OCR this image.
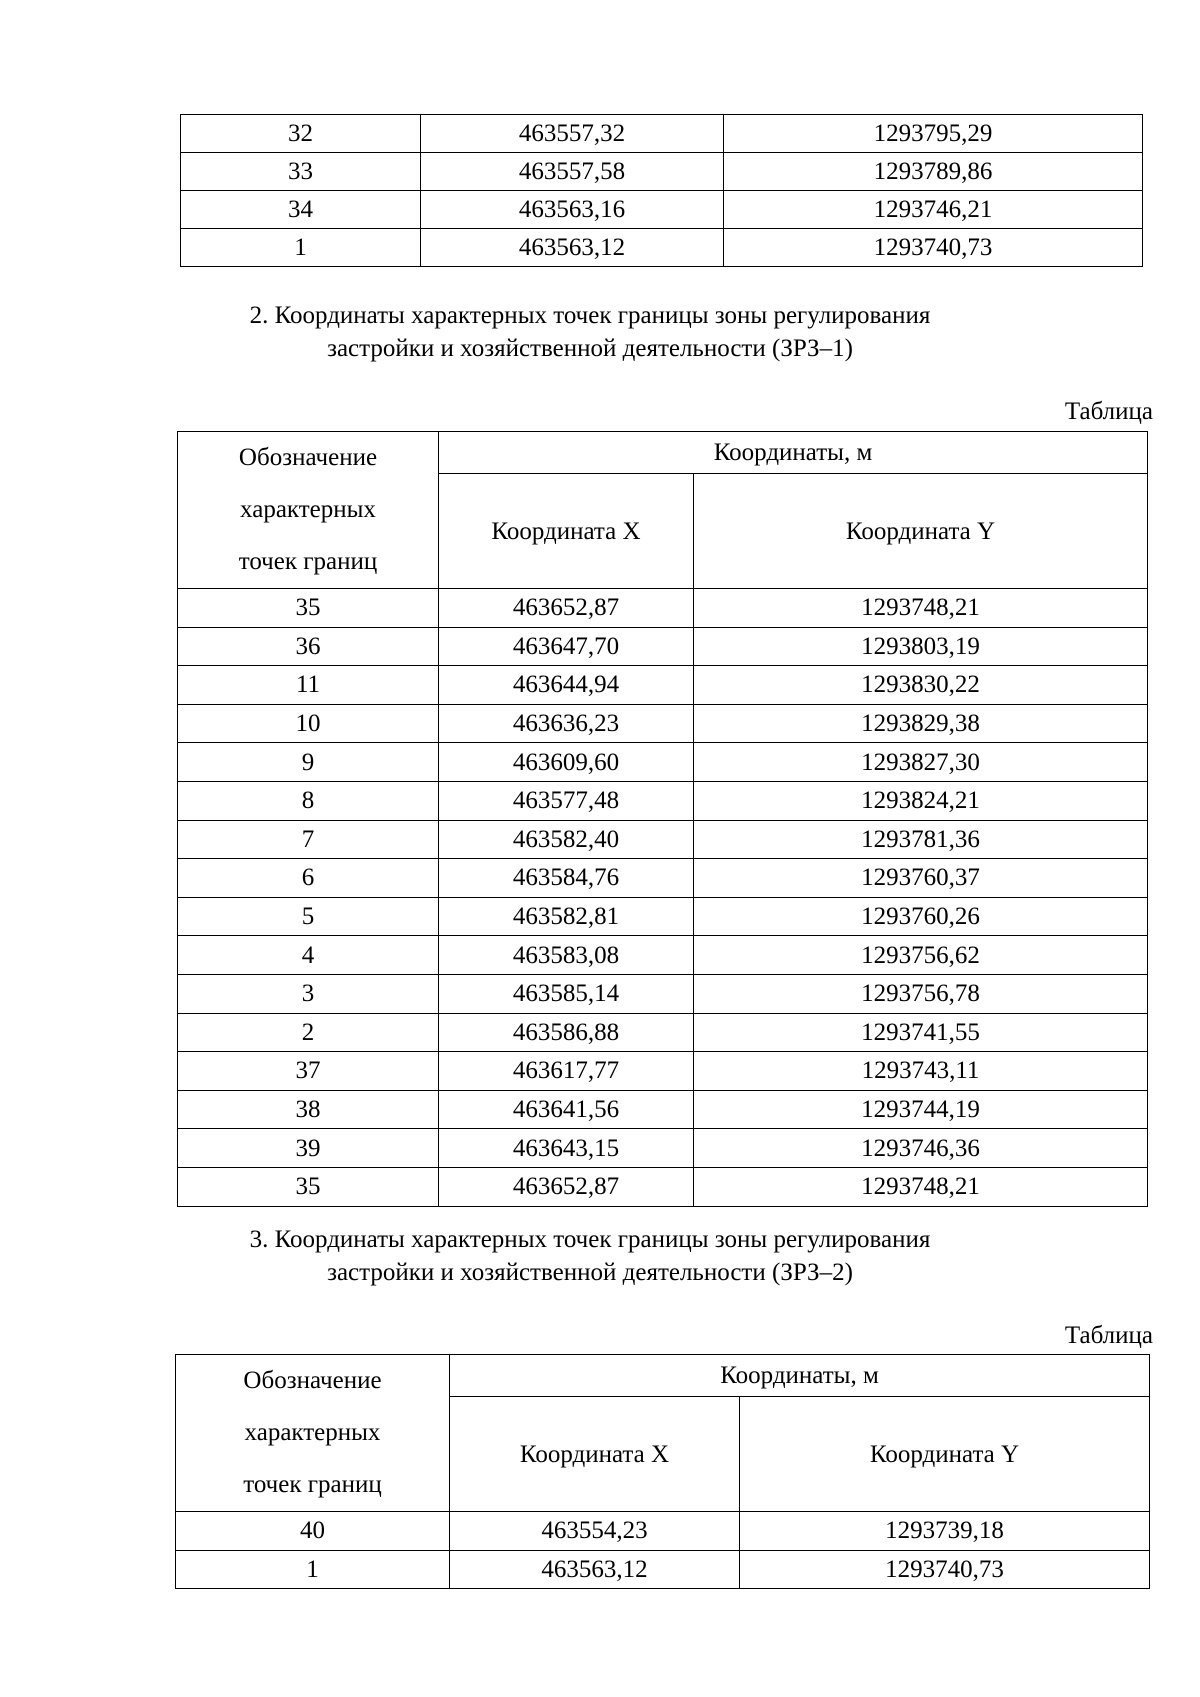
32	463557,32	1293795,29
33	463557,58	1293789,86
34	463563,16	1293746,21
1	463563,12	1293740,73
2. Координаты характерных точек границы зоны регулирования
застройки и хозяйственной деятельности (ЗРЗ–1)
Таблица
Обозначение
характерных
точек границ	Координаты, м	
	Координата X	Координата Y
35	463652,87	1293748,21
36	463647,70	1293803,19
11	463644,94	1293830,22
10	463636,23	1293829,38
9	463609,60	1293827,30
8	463577,48	1293824,21
7	463582,40	1293781,36
6	463584,76	1293760,37
5	463582,81	1293760,26
4	463583,08	1293756,62
3	463585,14	1293756,78
2	463586,88	1293741,55
37	463617,77	1293743,11
38	463641,56	1293744,19
39	463643,15	1293746,36
35	463652,87	1293748,21
3. Координаты характерных точек границы зоны регулирования
застройки и хозяйственной деятельности (ЗРЗ–2)
Таблица
Обозначение
характерных
точек границ	Координаты, м	
	Координата X	Координата Y
40	463554,23	1293739,18
1	463563,12	1293740,73
